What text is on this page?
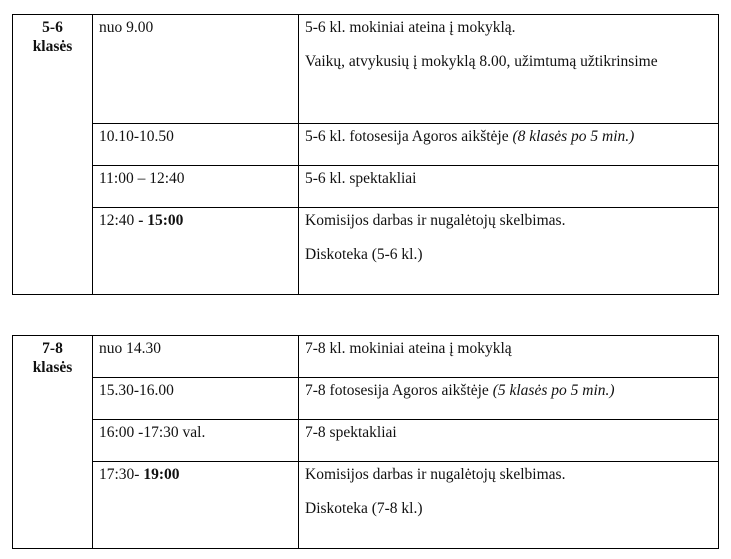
5-6
klasės	nuo 9.00	5-6 kl. mokiniai ateina į mokyklą.
Vaikų, atvykusių į mokyklą 8.00, užimtumą užtikrinsime
	10.10-10.50	5-6 kl. fotosesija Agoros aikštėje (8 klasės po 5 min.)
	11:00 – 12:40	5-6 kl. spektakliai
	12:40 - 15:00	Komisijos darbas ir nugalėtojų skelbimas.
Diskoteka (5-6 kl.)
7-8
klasės	nuo 14.30	7-8 kl. mokiniai ateina į mokyklą
	15.30-16.00	7-8 fotosesija Agoros aikštėje (5 klasės po 5 min.)
	16:00 -17:30 val.	7-8 spektakliai
	17:30- 19:00	Komisijos darbas ir nugalėtojų skelbimas.
Diskoteka (7-8 kl.)
